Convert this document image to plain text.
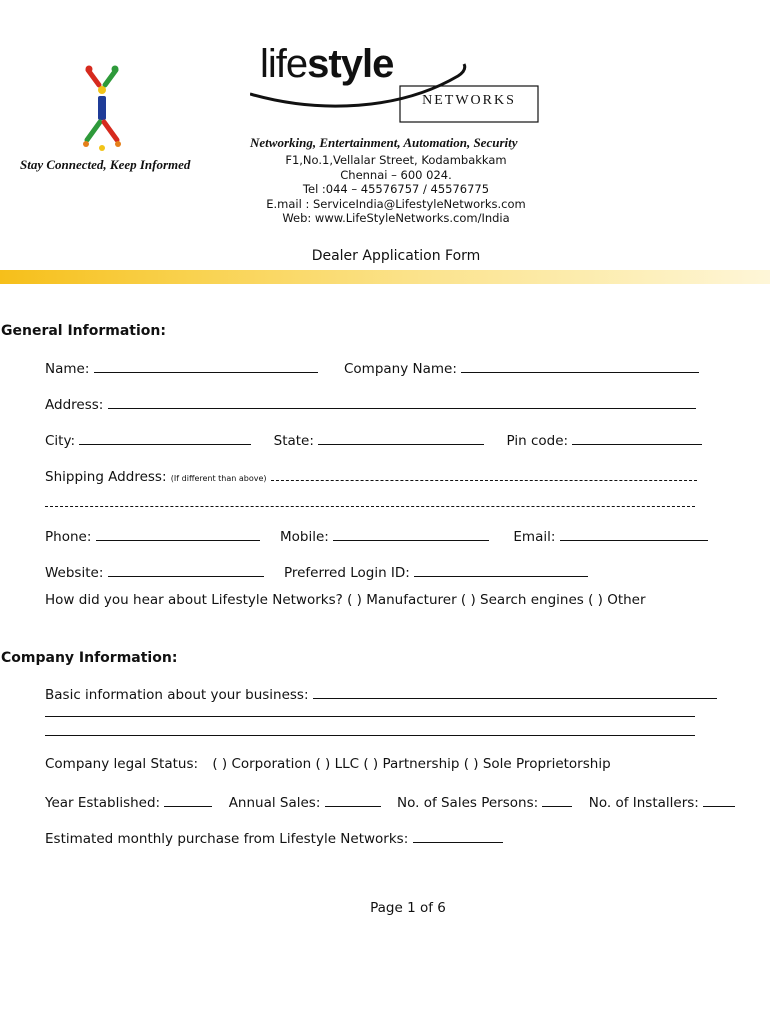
Stay Connected, Keep Informed
lifestyle
NETWORKS
Networking, Entertainment, Automation, Security
F1,No.1,Vellalar Street, Kodambakkam
Chennai – 600 024.
Tel :044 – 45576757 / 45576775
E.mail : ServiceIndia@LifestyleNetworks.com
Web: www.LifeStyleNetworks.com/India
Dealer Application Form
General Information:
Name:	Company Name:
Address:
City:	State:	Pin code:
Shipping Address: (If different than above)
Phone:	Mobile:	Email:
Website:	Preferred Login ID:
How did you hear about Lifestyle Networks? ( ) Manufacturer ( ) Search engines ( ) Other
Company Information:
Basic information about your business:
Company legal Status: ( ) Corporation ( ) LLC ( ) Partnership ( ) Sole Proprietorship
Year Established:	Annual Sales:	No. of Sales Persons:	No. of Installers:
Estimated monthly purchase from Lifestyle Networks:
Page 1 of 6
